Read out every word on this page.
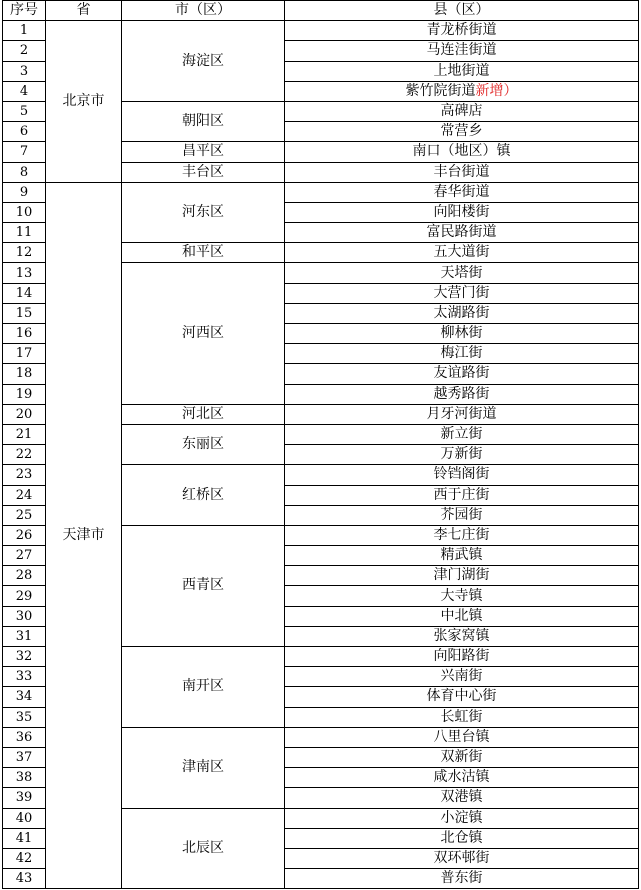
序号	省	市（区）	县（区）
1	北京市	海淀区	青龙桥街道
2			马连洼街道
3			上地街道
4			紫竹院街道新增）
5		朝阳区	高碑店
6			常营乡
7		昌平区	南口（地区）镇
8		丰台区	丰台街道
9	天津市	河东区	春华街道
10			向阳楼街
11			富民路街道
12		和平区	五大道街
13		河西区	天塔街
14			大营门街
15			太湖路街
16			柳林街
17			梅江街
18			友谊路街
19			越秀路街
20		河北区	月牙河街道
21		东丽区	新立街
22			万新街
23		红桥区	铃铛阁街
24			西于庄街
25			芥园街
26		西青区	李七庄街
27			精武镇
28			津门湖街
29			大寺镇
30			中北镇
31			张家窝镇
32		南开区	向阳路街
33			兴南街
34			体育中心街
35			长虹街
36		津南区	八里台镇
37			双新街
38			咸水沽镇
39			双港镇
40		北辰区	小淀镇
41			北仓镇
42			双环邨街
43			普东街
